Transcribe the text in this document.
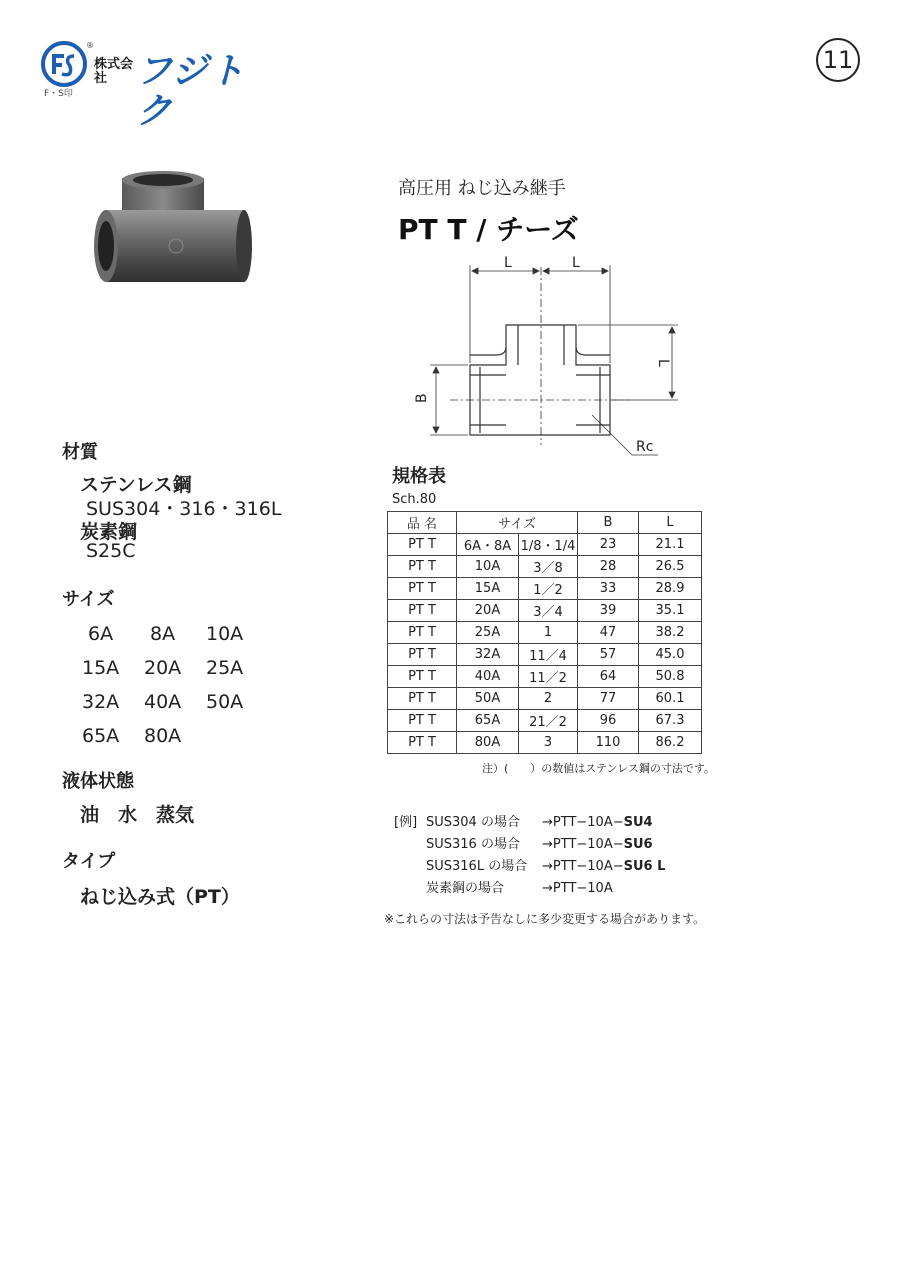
®
F・S印
株式会社 フジトク
11
高圧用 ねじ込み継手
PT T / チーズ
L	L
L
B
Rc
材質
ステンレス鋼
SUS304・316・316L
炭素鋼
S25C
サイズ
6A	8A	10A
15A	20A	25A
32A	40A	50A
65A	80A
液体状態
油　水　蒸気
タイプ
ねじ込み式（PT）
規格表
Sch.80
品 名	サイズ		B	L
PT T	6A・8A	1/8・1/4	23	21.1
PT T	10A	3／8	28	26.5
PT T	15A	1／2	33	28.9
PT T	20A	3／4	39	35.1
PT T	25A	1	47	38.2
PT T	32A	11／4	57	45.0
PT T	40A	11／2	64	50.8
PT T	50A	2	77	60.1
PT T	65A	21／2	96	67.3
PT T	80A	3	110	86.2
注）(　　）の数値はステンレス鋼の寸法です。
[例] SUS304 の場合	→PTT−10A− SU4
SUS316 の場合	→PTT−10A− SU6
SUS316L の場合	→PTT−10A− SU6 L
炭素鋼の場合	→PTT−10A
※これらの寸法は予告なしに多少変更する場合があります。
